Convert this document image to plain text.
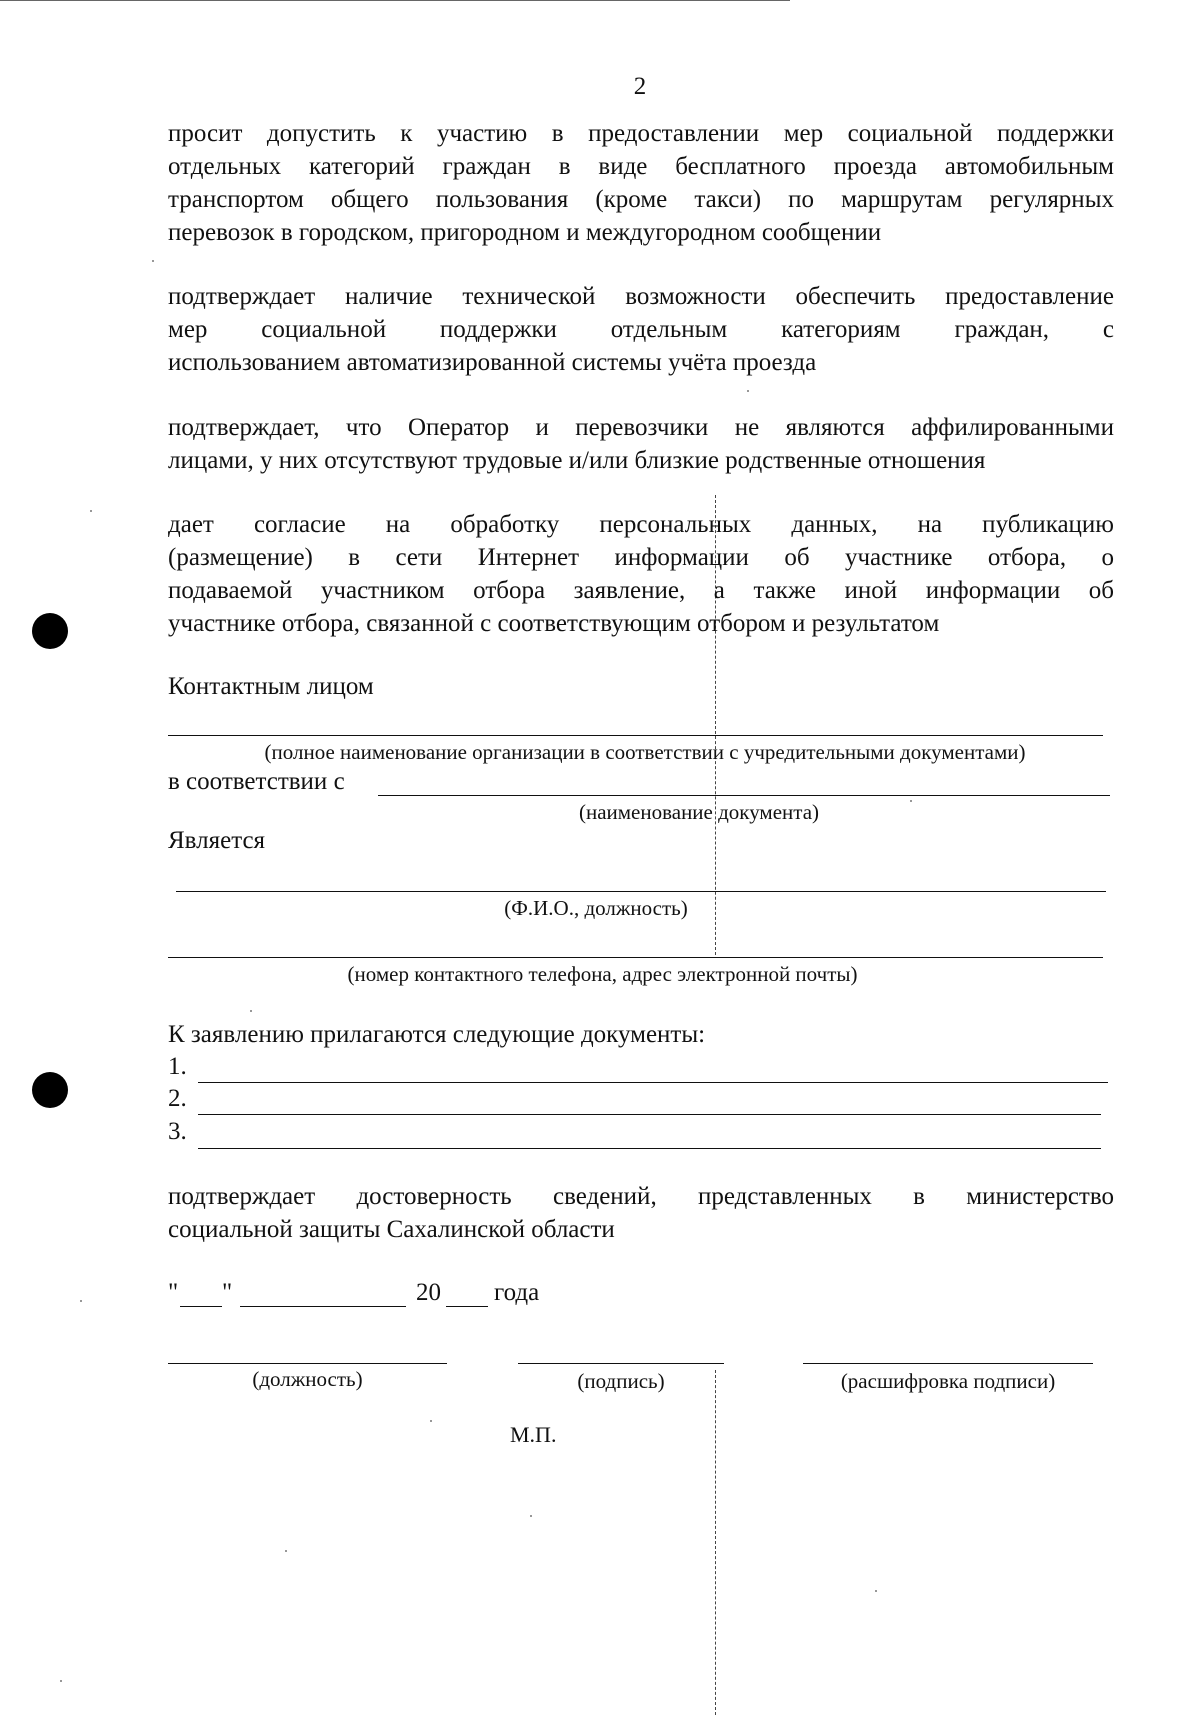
2
просит допустить к участию в предоставлении мер социальной поддержки
отдельных категорий граждан в виде бесплатного проезда автомобильным
транспортом общего пользования (кроме такси) по маршрутам регулярных
перевозок в городском, пригородном и междугородном сообщении
подтверждает наличие технической возможности обеспечить предоставление
мер социальной поддержки отдельным категориям граждан, с
использованием автоматизированной системы учёта проезда
подтверждает, что Оператор и перевозчики не являются аффилированными
лицами, у них отсутствуют трудовые и/или близкие родственные отношения
дает согласие на обработку персональных данных, на публикацию
(размещение) в сети Интернет информации об участнике отбора, о
подаваемой участником отбора заявление, а также иной информации об
участнике отбора, связанной с соответствующим отбором и результатом
Контактным лицом
(полное наименование организации в соответствии с учредительными документами)
в соответствии с
(наименование документа)
Является
(Ф.И.О., должность)
(номер контактного телефона, адрес электронной почты)
К заявлению прилагаются следующие документы:
1.
2.
3.
подтверждает достоверность сведений, представленных в министерство
социальной защиты Сахалинской области
" "	20 года
(должность)	(подпись)	(расшифровка подписи)
М.П.
